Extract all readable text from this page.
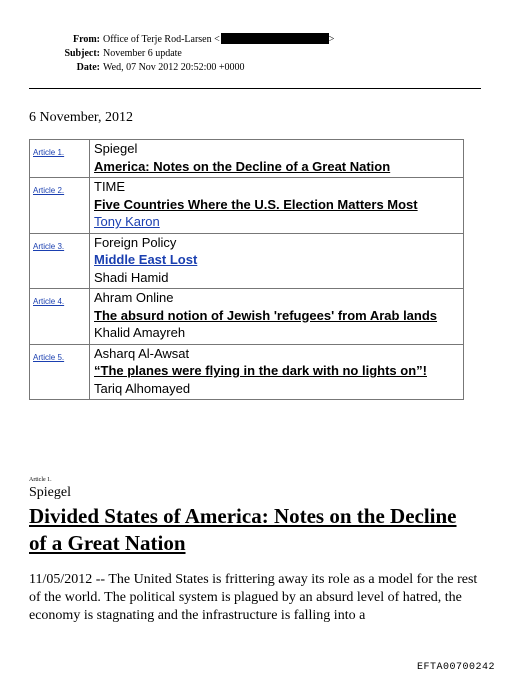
From: Office of Terje Rod-Larsen <	>
Subject: November 6 update
Date: Wed, 07 Nov 2012 20:52:00 +0000
6 November, 2012
Article 1.	Spiegel
America: Notes on the Decline of a Great Nation

Article 2.	TIME
Five Countries Where the U.S. Election Matters Most
Tony Karon

Article 3.	Foreign Policy
Middle East Lost
Shadi Hamid

Article 4.	Ahram Online
The absurd notion of Jewish 'refugees' from Arab lands
Khalid Amayreh

Article 5.	Asharq Al-Awsat
“The planes were flying in the dark with no lights on”!
Tariq Alhomayed
Article 1.
Spiegel
Divided States of America: Notes on the Decline of a Great Nation

11/05/2012 -- The United States is frittering away its role as a model for the rest of the world. The political system is plagued by an absurd level of hatred, the economy is stagnating and the infrastructure is falling into a

EFTA00700242
